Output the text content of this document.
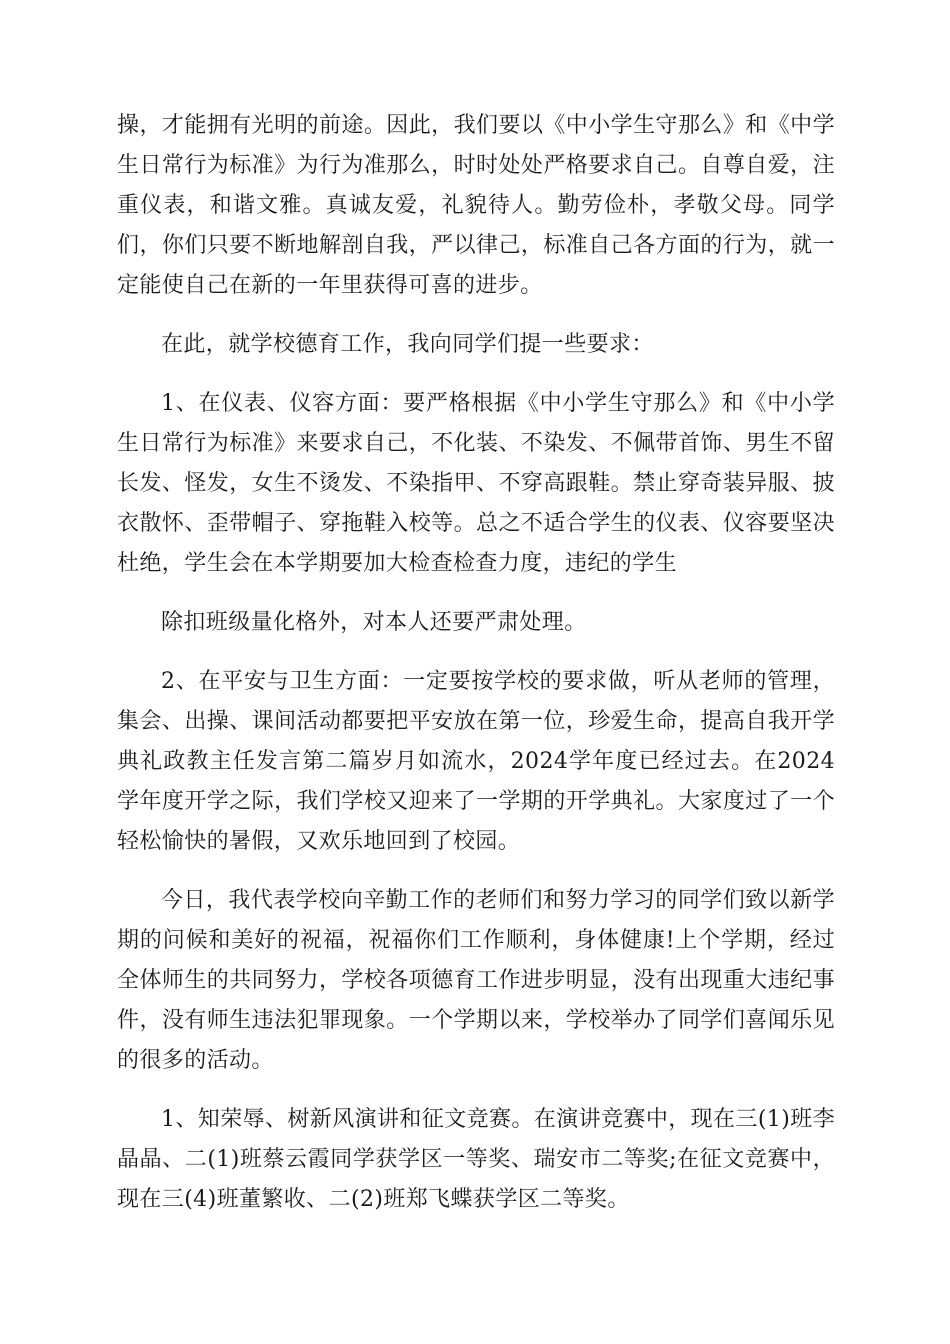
操，才能拥有光明的前途。因此，我们要以《中小学生守那么》和《中学生日常行为标准》为行为准那么，时时处处严格要求自己。自尊自爱，注重仪表，和谐文雅。真诚友爱，礼貌待人。勤劳俭朴，孝敬父母。同学们，你们只要不断地解剖自我，严以律己，标准自己各方面的行为，就一定能使自己在新的一年里获得可喜的进步。

在此，就学校德育工作，我向同学们提一些要求：

1、在仪表、仪容方面：要严格根据《中小学生守那么》和《中小学生日常行为标准》来要求自己，不化装、不染发、不佩带首饰、男生不留长发、怪发，女生不烫发、不染指甲、不穿高跟鞋。禁止穿奇装异服、披衣散怀、歪带帽子、穿拖鞋入校等。总之不适合学生的仪表、仪容要坚决杜绝，学生会在本学期要加大检查检查力度，违纪的学生

除扣班级量化格外，对本人还要严肃处理。

2、在平安与卫生方面：一定要按学校的要求做，听从老师的管理，集会、出操、课间活动都要把平安放在第一位，珍爱生命，提高自我开学典礼政教主任发言第二篇岁月如流水，2024学年度已经过去。在2024学年度开学之际，我们学校又迎来了一学期的开学典礼。大家度过了一个轻松愉快的暑假，又欢乐地回到了校园。

今日，我代表学校向辛勤工作的老师们和努力学习的同学们致以新学期的问候和美好的祝福，祝福你们工作顺利，身体健康!上个学期，经过全体师生的共同努力，学校各项德育工作进步明显，没有出现重大违纪事件，没有师生违法犯罪现象。一个学期以来，学校举办了同学们喜闻乐见的很多的活动。

1、知荣辱、树新风演讲和征文竞赛。在演讲竞赛中，现在三(1)班李晶晶、二(1)班蔡云霞同学获学区一等奖、瑞安市二等奖;在征文竞赛中，现在三(4)班董繁收、二(2)班郑飞蝶获学区二等奖。
